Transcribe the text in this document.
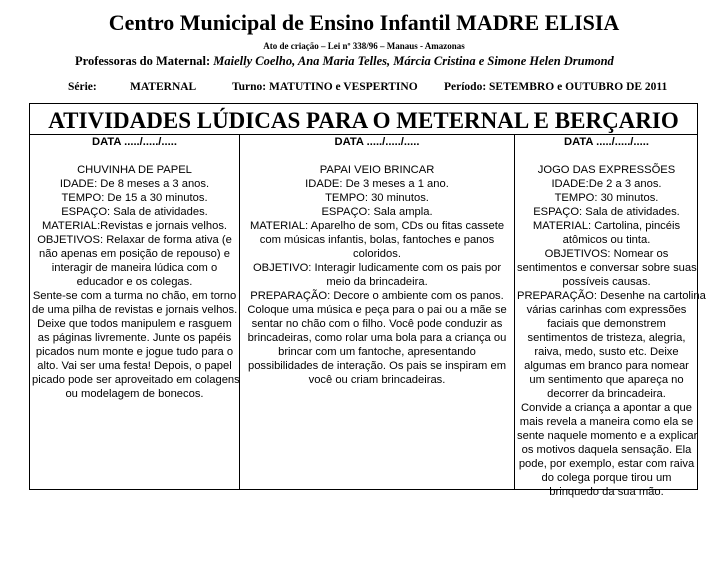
Centro Municipal de Ensino Infantil MADRE ELISIA
Ato de criação – Lei nº 338/96 – Manaus - Amazonas
Professoras do Maternal: Maielly Coelho, Ana Maria Telles, Márcia Cristina e Simone Helen Drumond
Série:	MATERNAL	Turno: MATUTINO e VESPERTINO Período: SETEMBRO e OUTUBRO DE 2011
ATIVIDADES LÚDICAS PARA O METERNAL E BERÇARIO
DATA ...../...../.....
CHUVINHA DE PAPEL
IDADE: De 8 meses a 3 anos.
TEMPO: De 15 a 30 minutos.
ESPAÇO: Sala de atividades.
MATERIAL:Revistas e jornais velhos.
OBJETIVOS: Relaxar de forma ativa (e
não apenas em posição de repouso) e
interagir de maneira lúdica com o
educador e os colegas.
Sente-se com a turma no chão, em torno
de uma pilha de revistas e jornais velhos.
Deixe que todos manipulem e rasguem
as páginas livremente. Junte os papéis
picados num monte e jogue tudo para o
alto. Vai ser uma festa! Depois, o papel
picado pode ser aproveitado em colagens
ou modelagem de bonecos.
DATA ...../...../.....
PAPAI VEIO BRINCAR
IDADE: De 3 meses a 1 ano.
TEMPO: 30 minutos.
ESPAÇO: Sala ampla.
MATERIAL: Aparelho de som, CDs ou fitas cassete
com músicas infantis, bolas, fantoches e panos
coloridos.
OBJETIVO: Interagir ludicamente com os pais por
meio da brincadeira.
PREPARAÇÃO: Decore o ambiente com os panos.
Coloque uma música e peça para o pai ou a mãe se
sentar no chão com o filho. Você pode conduzir as
brincadeiras, como rolar uma bola para a criança ou
brincar com um fantoche, apresentando
possibilidades de interação. Os pais se inspiram em
você ou criam brincadeiras.
DATA ...../...../.....
JOGO DAS EXPRESSÕES
IDADE:De 2 a 3 anos.
TEMPO: 30 minutos.
ESPAÇO: Sala de atividades.
MATERIAL: Cartolina, pincéis
atômicos ou tinta.
OBJETIVOS: Nomear os
sentimentos e conversar sobre suas
possíveis causas.
PREPARAÇÃO: Desenhe na cartolina
várias carinhas com expressões
faciais que demonstrem
sentimentos de tristeza, alegria,
raiva, medo, susto etc. Deixe
algumas em branco para nomear
um sentimento que apareça no
decorrer da brincadeira.
Convide a criança a apontar a que
mais revela a maneira como ela se
sente naquele momento e a explicar
os motivos daquela sensação. Ela
pode, por exemplo, estar com raiva
do colega porque tirou um
brinquedo da sua mão.
